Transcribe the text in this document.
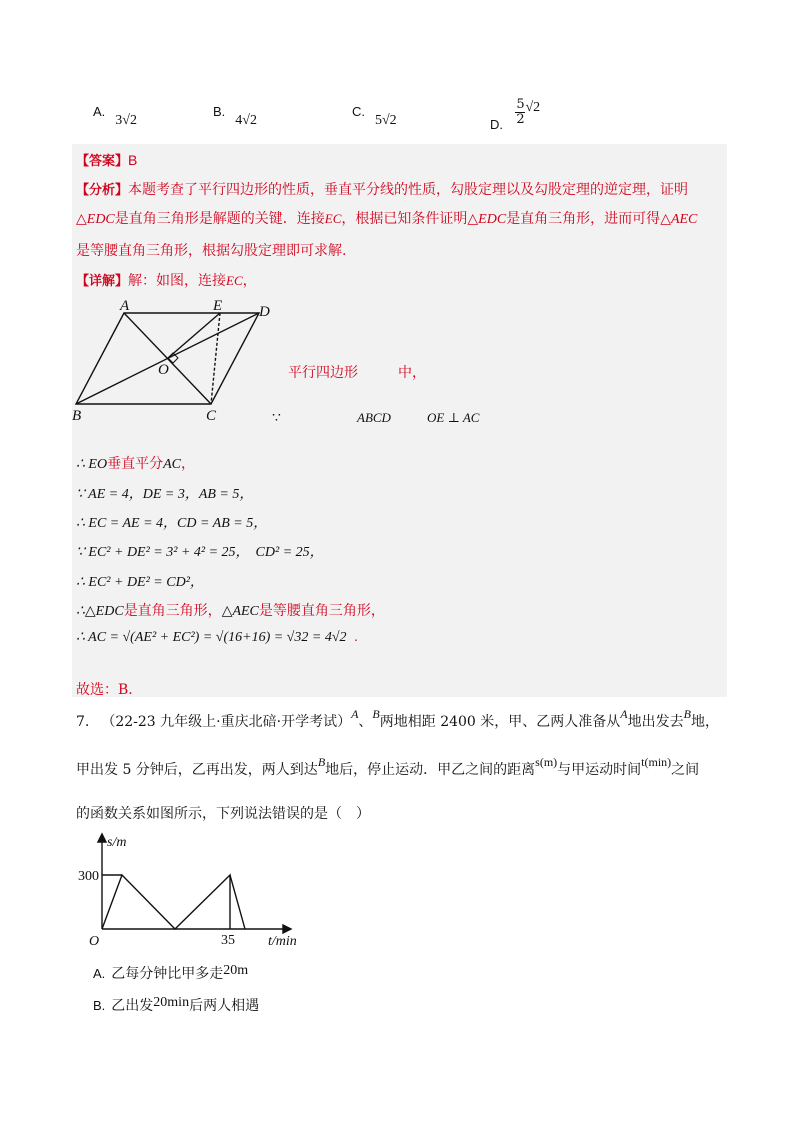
A.3√2
B.4√2
C.5√2	D. $\frac{5}{2} √2$
【答案】B
【分析】本题考查了平行四边形的性质，垂直平分线的性质，勾股定理以及勾股定理的逆定理，证明
△EDC是直角三角形是解题的关键．连接EC，根据已知条件证明△EDC是直角三角形，进而可得△AEC
是等腰直角三角形，根据勾股定理即可求解.
【详解】解：如图，连接EC，
A	E D
O
B	C
平行四边形	中，
∵	ABCD	OE ⊥ AC
∴ EO垂直平分AC，
∵ AE = 4，DE = 3，AB = 5，
∴ EC = AE = 4，CD = AB = 5，
∵ EC² + DE² = 3² + 4² = 25， CD² = 25，
∴ EC² + DE² = CD²，
∴△EDC是直角三角形，△AEC是等腰直角三角形，
∴ AC = √(AE² + EC²) = √(16+16) = √32 = 4√2 .
故选：B.
7. （22-23 九年级上·重庆北碚·开学考试）A、B两地相距 2400 米，甲、乙两人准备从A地出发去B地，
甲出发 5 分钟后，乙再出发，两人到达B地后，停止运动．甲乙之间的距离s(m)与甲运动时间t(min)之间
的函数关系如图所示，下列说法错误的是（　）
s/m
300
O	35 t/min
A. 乙每分钟比甲多走20m
B. 乙出发20min后两人相遇
